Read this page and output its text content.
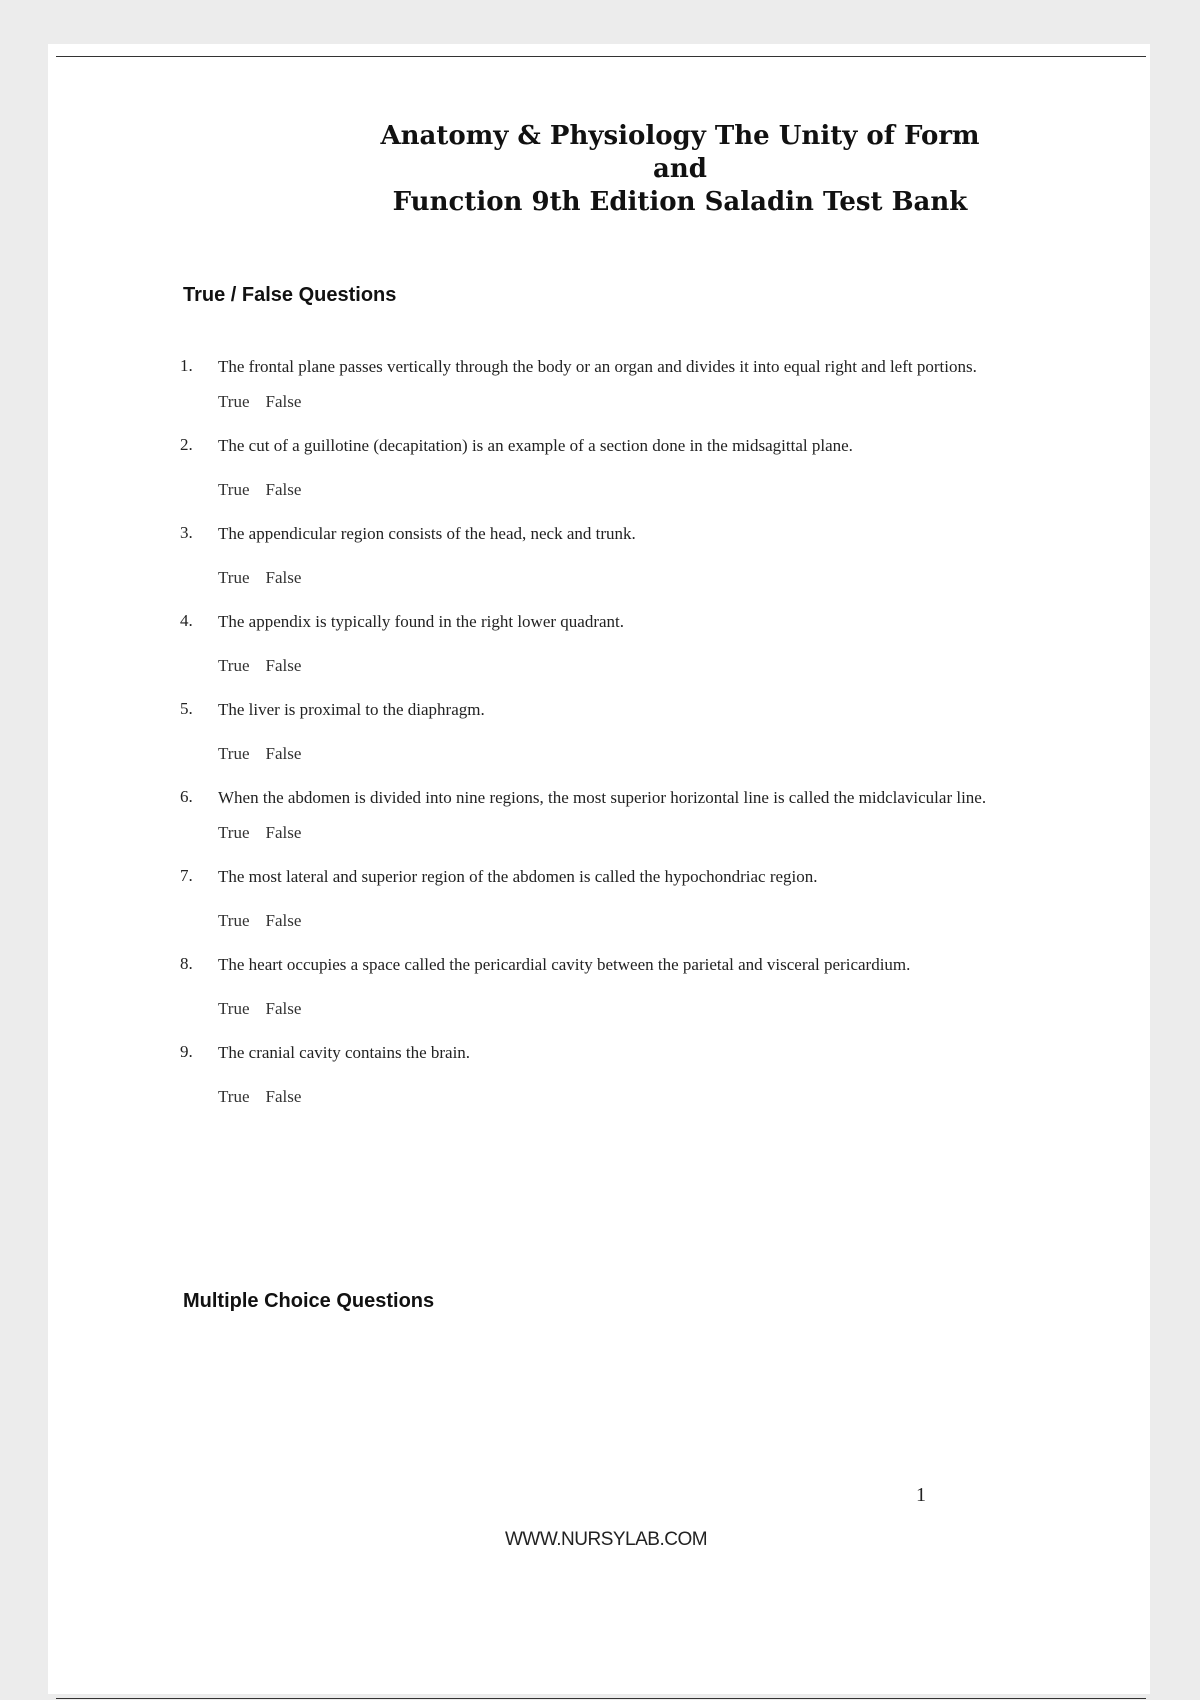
Anatomy & Physiology The Unity of Form and
Function 9th Edition Saladin Test Bank
True / False Questions
1.	The frontal plane passes vertically through the body or an organ and divides it into equal right and left portions.
True False
2.	The cut of a guillotine (decapitation) is an example of a section done in the midsagittal plane.
True False
3.	The appendicular region consists of the head, neck and trunk.
True False
4.	The appendix is typically found in the right lower quadrant.
True False
5.	The liver is proximal to the diaphragm.
True False
6.	When the abdomen is divided into nine regions, the most superior horizontal line is called the midclavicular line.
True False
7.	The most lateral and superior region of the abdomen is called the hypochondriac region.
True False
8.	The heart occupies a space called the pericardial cavity between the parietal and visceral pericardium.
True False
9.	The cranial cavity contains the brain.
True False
Multiple Choice Questions
1
WWW.NURSYLAB.COM
